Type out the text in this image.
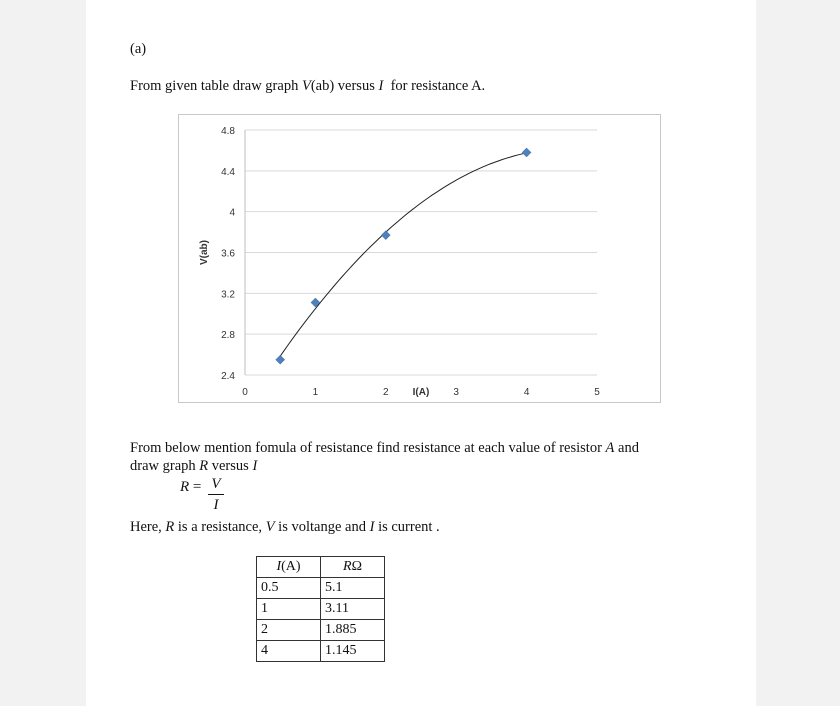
(a)
From given table draw graph V(ab) versus I  for resistance A.
2.4
2.8
3.2
3.6
4
4.4
4.8
0	1	2	3	4	5
I(A)
V(ab)
From below mention fomula of resistance find resistance at each value of resistor A and
draw graph R versus I
R = V
I
Here, R is a resistance, V is voltange and I is current .
I(A)	RΩ
0.5	5.1
1	3.11
2	1.885
4	1.145
